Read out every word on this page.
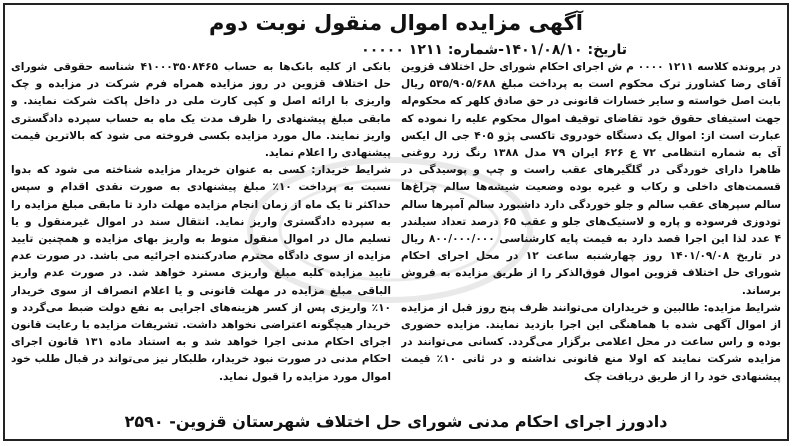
آگهی مزایده اموال منقول نوبت دوم
تاریخ: ۱۴۰۱/۰۸/۱۰-شماره: ۱۲۱۱ ۰۰۰۰۰

در پرونده کلاسه ۱۲۱۱ ۰۰۰۰ م ش اجرای احکام شورای حل اختلاف قزوین آقای رضا کشاورز ترک محکوم است به پرداخت مبلغ ۵۳۵/۹۰۵/۶۸۸ ریال بابت اصل خواسته و سایر خسارات قانونی در حق صادق کلهر که محکوم‌له جهت استیفای حقوق خود تقاضای توقیف اموال محکوم علیه را نموده که عبارت است از: اموال یک دستگاه خودروی تاکسی پژو ۴۰۵ جی ال ایکس آی به شماره انتظامی ۷۲ ع ۶۲۶ ایران ۷۹ مدل ۱۳۸۸ رنگ زرد روغنی ظاهرا دارای خوردگی در گلگیرهای عقب راست و چپ و پوسیدگی در قسمت‌های داخلی و رکاب و غیره بوده وضعیت شیشه‌ها سالم چراغ‌ها سالم سپرهای عقب سالم و جلو خوردگی دارد داشبورد سالم آمپرها سالم تودوزی فرسوده و پاره و لاستیک‌های جلو و عقب ۶۵ درصد تعداد سیلندر ۴ عدد لذا این اجرا قصد دارد به قیمت پایه کارشناسی ۸۰۰/۰۰۰/۰۰۰ ریال در تاریخ ۱۴۰۱/۰۹/۰۸ روز چهارشنبه ساعت ۱۲ در محل اجرای احکام شورای حل اختلاف قزوین اموال فوق‌الذکر را از طریق مزایده به فروش برساند.

شرایط مزایده: طالبین و خریداران می‌توانند ظرف پنج روز قبل از مزایده از اموال آگهی شده با هماهنگی این اجرا بازدید نمایند. مزایده حضوری بوده و راس ساعت در محل اعلامی برگزار می‌گردد. کسانی می‌توانند در مزایده شرکت نمایند که اولا منع قانونی نداشته و در ثانی ۱۰٪ قیمت پیشنهادی خود را از طریق دریافت چک

بانکی از کلیه بانک‌ها به حساب ۴۱۰۰۰۳۵۰۸۴۶۵ شناسه حقوقی شورای حل اختلاف قزوین در روز مزایده همراه فرم شرکت در مزایده و چک واریزی با ارائه اصل و کپی کارت ملی در داخل پاکت شرکت نمایند. و مابقی مبلغ پیشنهادی را ظرف مدت یک ماه به حساب سپرده دادگستری واریز نمایند. مال مورد مزایده بکسی فروخته می شود که بالاترین قیمت پیشنهادی را اعلام نماید.

شرایط خریدار: کسی به عنوان خریدار مزایده شناخته می شود که بدوا نسبت به پرداخت ۱۰٪ مبلغ پیشنهادی به صورت نقدی اقدام و سپس حداکثر تا یک ماه از زمان انجام مزایده مهلت دارد تا مابقی مبلغ مزایده را به سپرده دادگستری واریز نماید. انتقال سند در اموال غیرمنقول و یا تسلیم مال در اموال منقول منوط به واریز بهای مزایده و همچنین تایید مزایده از سوی دادگاه محترم صادرکننده اجرائیه می باشد. در صورت عدم تایید مزایده کلیه مبلغ واریزی مسترد خواهد شد. در صورت عدم واریز الباقی مبلغ مزایده در مهلت قانونی و یا اعلام انصراف از سوی خریدار ۱۰٪ واریزی پس از کسر هزینه‌های اجرایی به نفع دولت ضبط می‌گردد و خریدار هیچگونه اعتراضی نخواهد داشت. تشریفات مزایده با رعایت قانون اجرای احکام مدنی اجرا خواهد شد و به استناد ماده ۱۳۱ قانون اجرای احکام مدنی در صورت نبود خریدار، طلبکار نیز می‌تواند در قبال طلب خود اموال مورد مزایده را قبول نماید.

دادورز اجرای احکام مدنی شورای حل اختلاف شهرستان قزوین- ۲۵۹۰
